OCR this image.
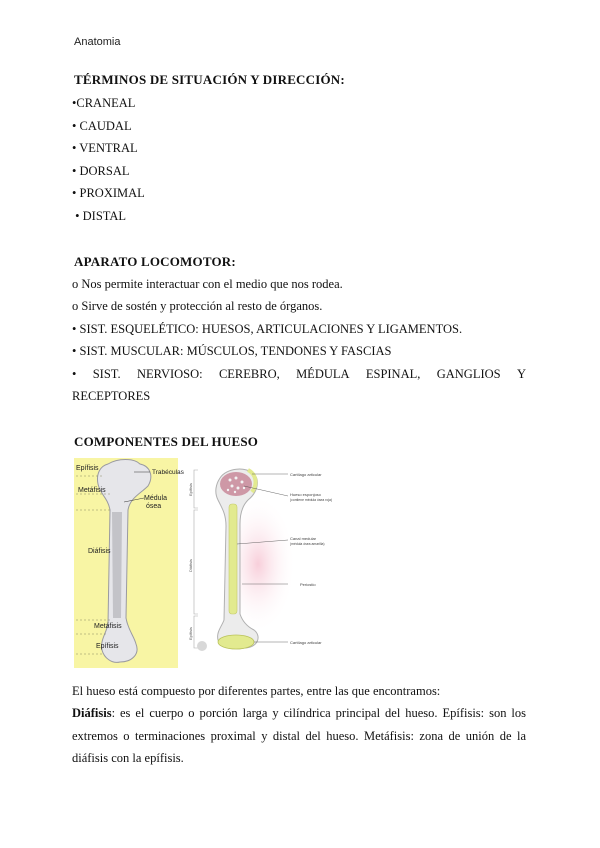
Anatomia
TÉRMINOS DE SITUACIÓN Y DIRECCIÓN:
•CRANEAL
• CAUDAL
• VENTRAL
• DORSAL
• PROXIMAL
• DISTAL
APARATO LOCOMOTOR:
o Nos permite interactuar con el medio que nos rodea.
o Sirve de sostén y protección al resto de órganos.
• SIST. ESQUELÉTICO: HUESOS, ARTICULACIONES Y LIGAMENTOS.
• SIST. MUSCULAR: MÚSCULOS, TENDONES Y FASCIAS
• SIST. NERVIOSO: CEREBRO, MÉDULA ESPINAL, GANGLIOS Y
RECEPTORES
COMPONENTES DEL HUESO
Epífisis
Trabéculas
Metáfisis
Médula
ósea
Diáfisis
Metáfisis
Epífisis
Epífisis
Diáfisis
Epífisis
Cartílago articular
Hueso esponjoso
(contiene médula ósea roja)
Canal medular
(médula ósea amarilla)
Periostio
Cartílago articular
El hueso está compuesto por diferentes partes, entre las que encontramos:
Diáfisis: es el cuerpo o porción larga y cilíndrica principal del hueso. Epífisis: son los extremos o terminaciones proximal y distal del hueso. Metáfisis: zona de unión de la diáfisis con la epífisis.
